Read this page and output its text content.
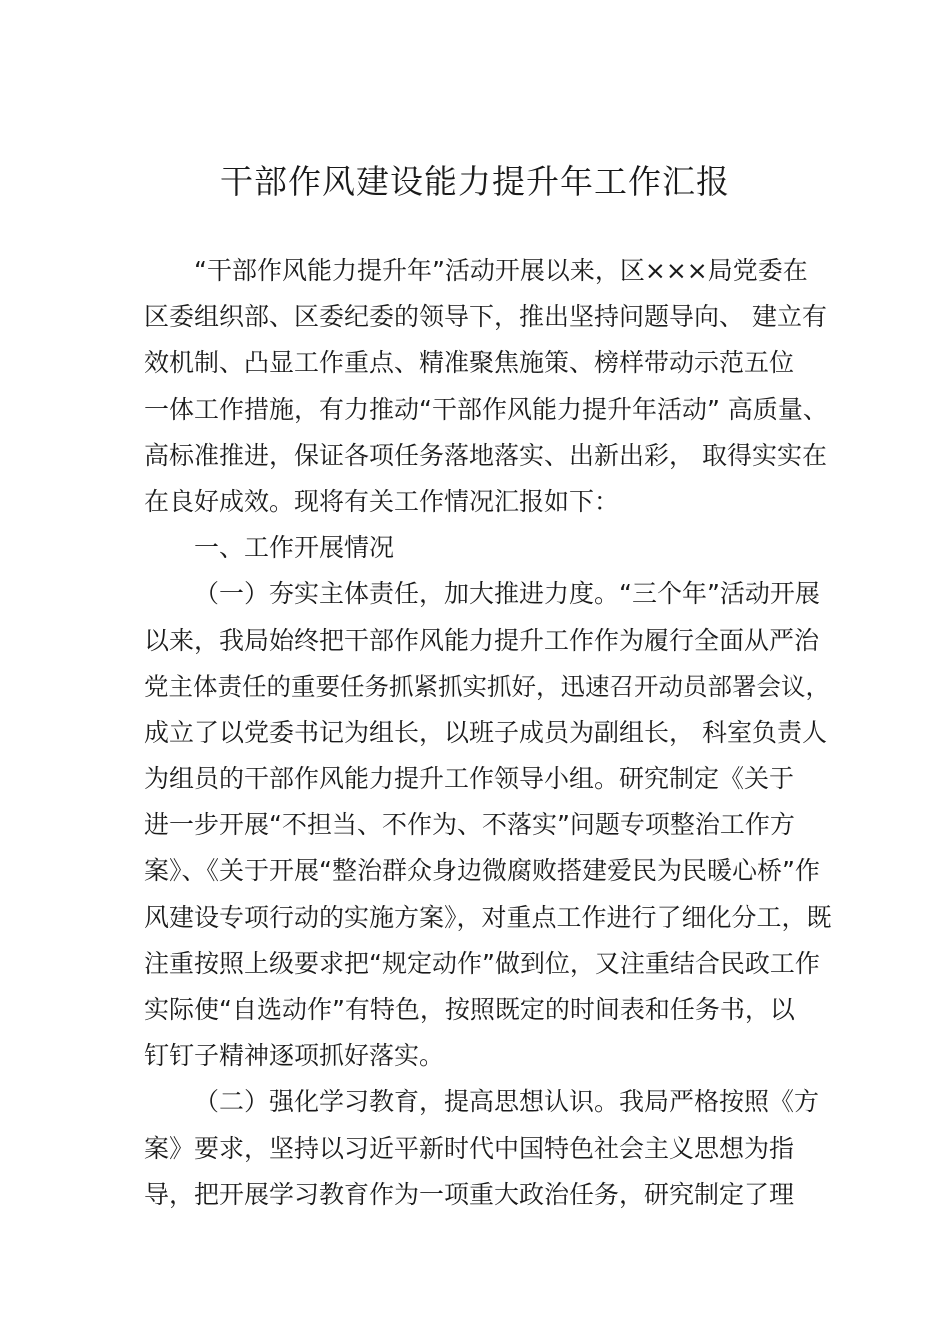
干部作风建设能力提升年工作汇报
“干部作风能力提升年”活动开展以来，区×××局党委在
区委组织部、区委纪委的领导下，推出坚持问题导向、 建立有
效机制、凸显工作重点、精准聚焦施策、榜样带动示范五位
一体工作措施，有力推动“干部作风能力提升年活动” 高质量、
高标准推进，保证各项任务落地落实、出新出彩， 取得实实在
在良好成效。现将有关工作情况汇报如下：
一、工作开展情况
（一）夯实主体责任，加大推进力度。“三个年”活动开展
以来，我局始终把干部作风能力提升工作作为履行全面从严治
党主体责任的重要任务抓紧抓实抓好，迅速召开动员部署会议，
成立了以党委书记为组长，以班子成员为副组长， 科室负责人
为组员的干部作风能力提升工作领导小组。研究制定《关于
进一步开展“不担当、不作为、不落实”问题专项整治工作方
案》、《关于开展“整治群众身边微腐败搭建爱民为民暖心桥”作
风建设专项行动的实施方案》，对重点工作进行了细化分工，既
注重按照上级要求把“规定动作”做到位，又注重结合民政工作
实际使“自选动作”有特色，按照既定的时间表和任务书，以
钉钉子精神逐项抓好落实。
（二）强化学习教育，提高思想认识。我局严格按照《方
案》要求，坚持以习近平新时代中国特色社会主义思想为指
导，把开展学习教育作为一项重大政治任务，研究制定了理
